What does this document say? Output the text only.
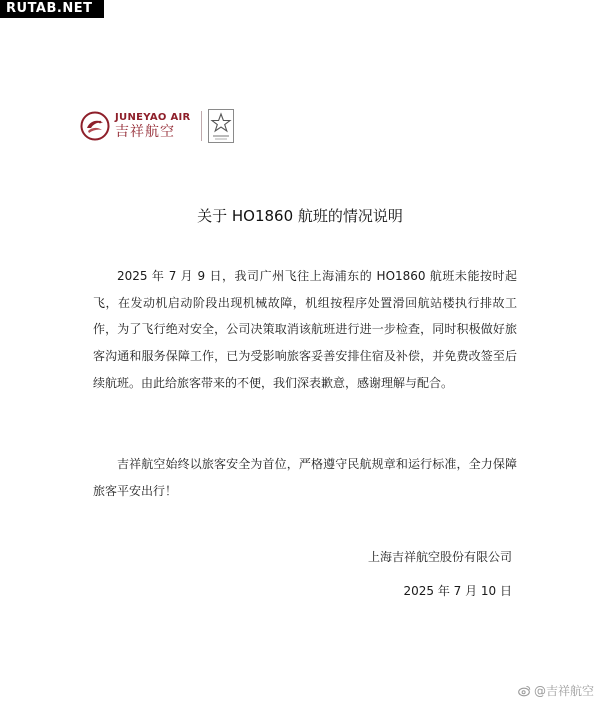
RUTAB.NET
JUNEYAO AIR
吉祥航空
关于 HO1860 航班的情况说明

2025 年 7 月 9 日，我司广州飞往上海浦东的 HO1860 航班未能按时起飞，在发动机启动阶段出现机械故障，机组按程序处置滑回航站楼执行排故工作，为了飞行绝对安全，公司决策取消该航班进行进一步检查，同时积极做好旅客沟通和服务保障工作，已为受影响旅客妥善安排住宿及补偿，并免费改签至后续航班。由此给旅客带来的不便，我们深表歉意，感谢理解与配合。

吉祥航空始终以旅客安全为首位，严格遵守民航规章和运行标准，全力保障旅客平安出行！

上海吉祥航空股份有限公司
2025 年 7 月 10 日
@吉祥航空
